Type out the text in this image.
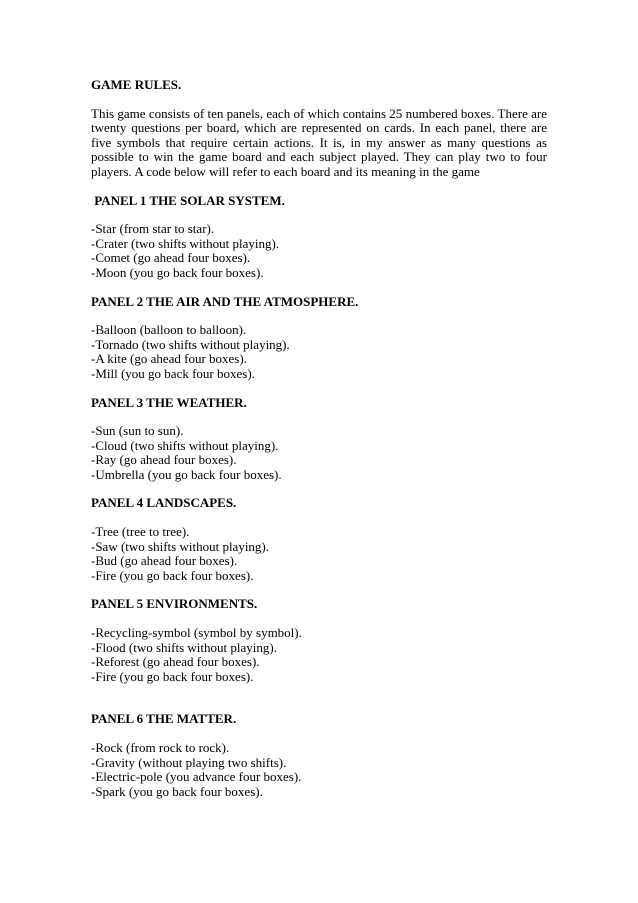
GAME RULES.
This game consists of ten panels, each of which contains 25 numbered boxes. There are twenty questions per board, which are represented on cards. In each panel, there are five symbols that require certain actions. It is, in my answer as many questions as possible to win the game board and each subject played. They can play two to four players. A code below will refer to each board and its meaning in the game
PANEL 1 THE SOLAR SYSTEM.
-Star (from star to star).
-Crater (two shifts without playing).
-Comet (go ahead four boxes).
-Moon (you go back four boxes).
PANEL 2 THE AIR AND THE ATMOSPHERE.
-Balloon (balloon to balloon).
-Tornado (two shifts without playing).
-A kite (go ahead four boxes).
-Mill (you go back four boxes).
PANEL 3 THE WEATHER.
-Sun (sun to sun).
-Cloud (two shifts without playing).
-Ray (go ahead four boxes).
-Umbrella (you go back four boxes).
PANEL 4 LANDSCAPES.
-Tree (tree to tree).
-Saw (two shifts without playing).
-Bud (go ahead four boxes).
-Fire (you go back four boxes).
PANEL 5 ENVIRONMENTS.
-Recycling-symbol (symbol by symbol).
-Flood (two shifts without playing).
-Reforest (go ahead four boxes).
-Fire (you go back four boxes).
PANEL 6 THE MATTER.
-Rock (from rock to rock).
-Gravity (without playing two shifts).
-Electric-pole (you advance four boxes).
-Spark (you go back four boxes).
